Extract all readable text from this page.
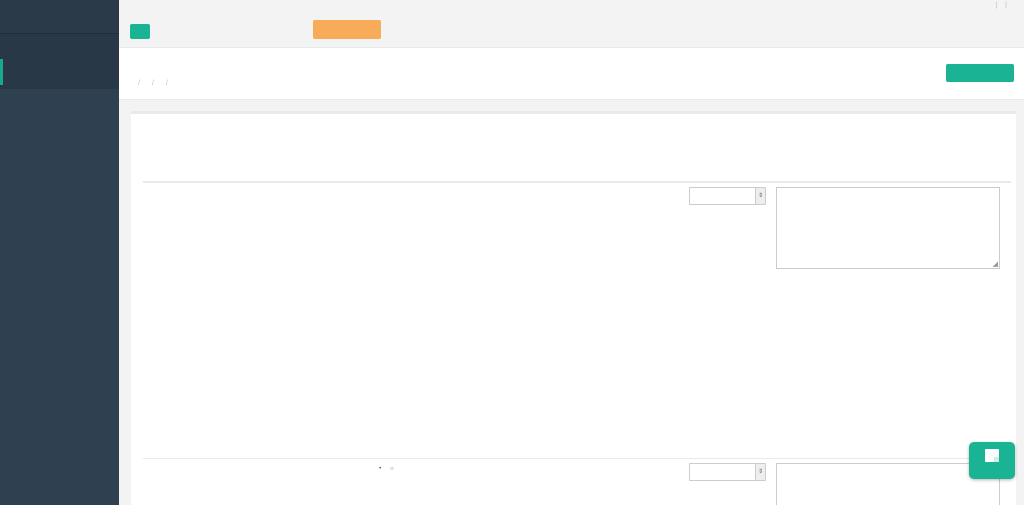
| |
/ / /
⇕
◢
⇕
